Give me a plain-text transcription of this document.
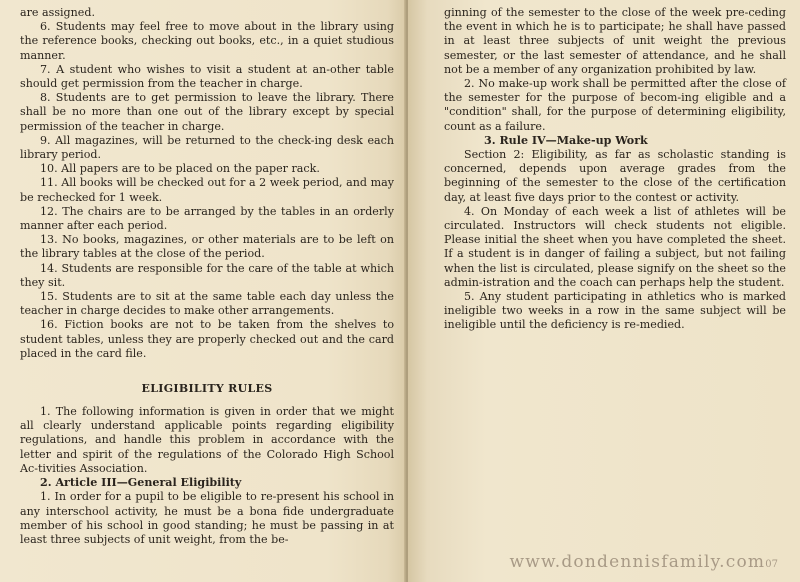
are assigned.

6. Students may feel free to move about in the library using the reference books, checking out books, etc., in a quiet studious manner.

7. A student who wishes to visit a student at an-other table should get permission from the teacher in charge.

8. Students are to get permission to leave the library. There shall be no more than one out of the library except by special permission of the teacher in charge.

9. All magazines, will be returned to the check-ing desk each library period.

10. All papers are to be placed on the paper rack.

11. All books will be checked out for a 2 week period, and may be rechecked for 1 week.

12. The chairs are to be arranged by the tables in an orderly manner after each period.

13. No books, magazines, or other materials are to be left on the library tables at the close of the period.

14. Students are responsible for the care of the table at which they sit.

15. Students are to sit at the same table each day unless the teacher in charge decides to make other arrangements.

16. Fiction books are not to be taken from the shelves to student tables, unless they are properly checked out and the card placed in the card file.

ELIGIBILITY RULES

1. The following information is given in order that we might all clearly understand applicable points regarding eligibility regulations, and handle this problem in accordance with the letter and spirit of the regulations of the Colorado High School Ac-tivities Association.

2. Article III—General Eligibility

1. In order for a pupil to be eligible to re-present his school in any interschool activity, he must be a bona fide undergraduate member of his school in good standing; he must be passing in at least three subjects of unit weight, from the be-

ginning of the semester to the close of the week pre-ceding the event in which he is to participate; he shall have passed in at least three subjects of unit weight the previous semester, or the last semester of attendance, and he shall not be a member of any organization prohibited by law.

2. No make-up work shall be permitted after the close of the semester for the purpose of becom-ing eligible and a "condition" shall, for the purpose of determining eligibility, count as a failure.

3. Rule IV—Make-up Work

Section 2: Eligibility, as far as scholastic standing is concerned, depends upon average grades from the beginning of the semester to the close of the certification day, at least five days prior to the contest or activity.

4. On Monday of each week a list of athletes will be circulated. Instructors will check students not eligible. Please initial the sheet when you have completed the sheet. If a student is in danger of failing a subject, but not failing when the list is circulated, please signify on the sheet so the admin-istration and the coach can perhaps help the student.

5. Any student participating in athletics who is marked ineligible two weeks in a row in the same subject will be ineligible until the deficiency is re-medied.

www.dondennisfamily.com07
